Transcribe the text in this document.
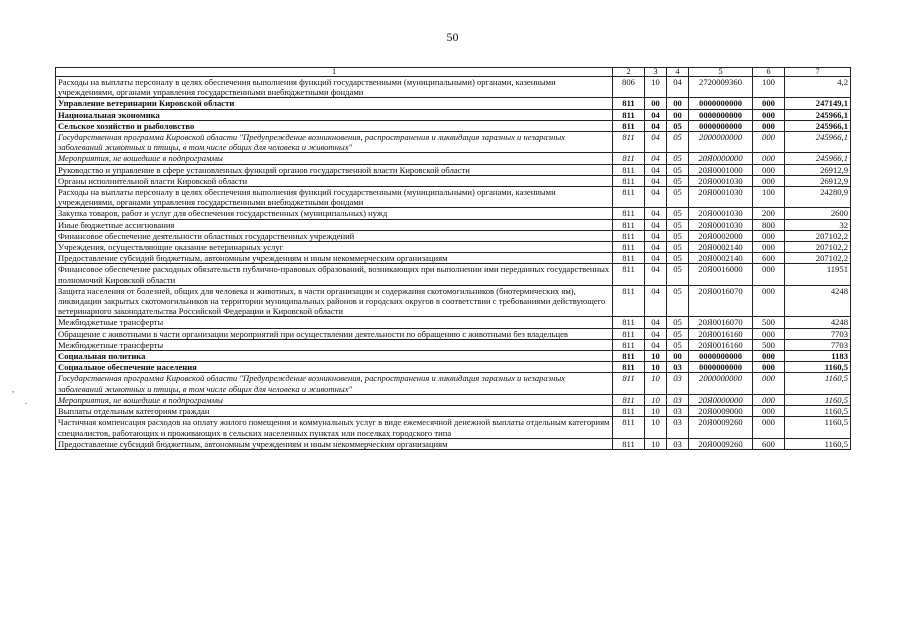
50
,
.
1	2	3	4	5	6	7
Расходы на выплаты персоналу в целях обеспечения выполнения функций государственными (муниципальными) органами, казенными учреждениями, органами управления государственными внебюджетными фондами	806	10	04	2720009360	100	4,2
Управление ветеринарии Кировской области	811	00	00	0000000000	000	247149,1
Национальная экономика	811	04	00	0000000000	000	245966,1
Сельское хозяйство и рыболовство	811	04	05	0000000000	000	245966,1
Государственная программа Кировской области "Предупреждение возникновения, распространения и ликвидация заразных и незаразных заболеваний животных и птицы, в том числе общих для человека и животных"	811	04	05	2000000000	000	245966,1
Мероприятия, не вошедшие в подпрограммы	811	04	05	20Я0000000	000	245966,1
Руководство и управление в сфере установленных функций органов государственной власти Кировской области	811	04	05	20Я0001000	000	26912,9
Органы исполнительной власти Кировской области	811	04	05	20Я0001030	000	26912,9
Расходы на выплаты персоналу в целях обеспечения выполнения функций государственными (муниципальными) органами, казенными учреждениями, органами управления государственными внебюджетными фондами	811	04	05	20Я0001030	100	24280,9
Закупка товаров, работ и услуг для обеспечения государственных (муниципальных) нужд	811	04	05	20Я0001030	200	2600
Иные бюджетные ассигнования	811	04	05	20Я0001030	800	32
Финансовое обеспечение деятельности областных государственных учреждений	811	04	05	20Я0002000	000	207102,2
Учреждения, осуществляющие оказание ветеринарных услуг	811	04	05	20Я0002140	000	207102,2
Предоставление субсидий бюджетным, автономным учреждениям и иным некоммерческим организациям	811	04	05	20Я0002140	600	207102,2
Финансовое обеспечение расходных обязательств публично-правовых образований, возникающих при выполнении ими переданных государственных полномочий Кировской области	811	04	05	20Я0016000	000	11951
Защита населения от болезней, общих для человека и животных, в части организации и содержания скотомогильников (биотермических ям), ликвидации закрытых скотомогильников на территории муниципальных районов и городских округов в соответствии с требованиями действующего ветеринарного законодательства Российской Федерации и Кировской области	811	04	05	20Я0016070	000	4248
Межбюджетные трансферты	811	04	05	20Я0016070	500	4248
Обращение с животными в части организации мероприятий при осуществлении деятельности по обращению с животными без владельцев	811	04	05	20Я0016160	000	7703
Межбюджетные трансферты	811	04	05	20Я0016160	500	7703
Социальная политика	811	10	00	0000000000	000	1183
Социальное обеспечение населения	811	10	03	0000000000	000	1160,5
Государственная программа Кировской области "Предупреждение возникновения, распространения и ликвидация заразных и незаразных заболеваний животных и птицы, в том числе общих для человека и животных"	811	10	03	2000000000	000	1160,5
Мероприятия, не вошедшие в подпрограммы	811	10	03	20Я0000000	000	1160,5
Выплаты отдельным категориям граждан	811	10	03	20Я0009000	000	1160,5
Частичная компенсация расходов на оплату жилого помещения и коммунальных услуг в виде ежемесячной денежной выплаты отдельным категориям специалистов, работающих и проживающих в сельских населенных пунктах или поселках городского типа	811	10	03	20Я0009260	000	1160,5
Предоставление субсидий бюджетным, автономным учреждениям и иным некоммерческим организациям	811	10	03	20Я0009260	600	1160,5
